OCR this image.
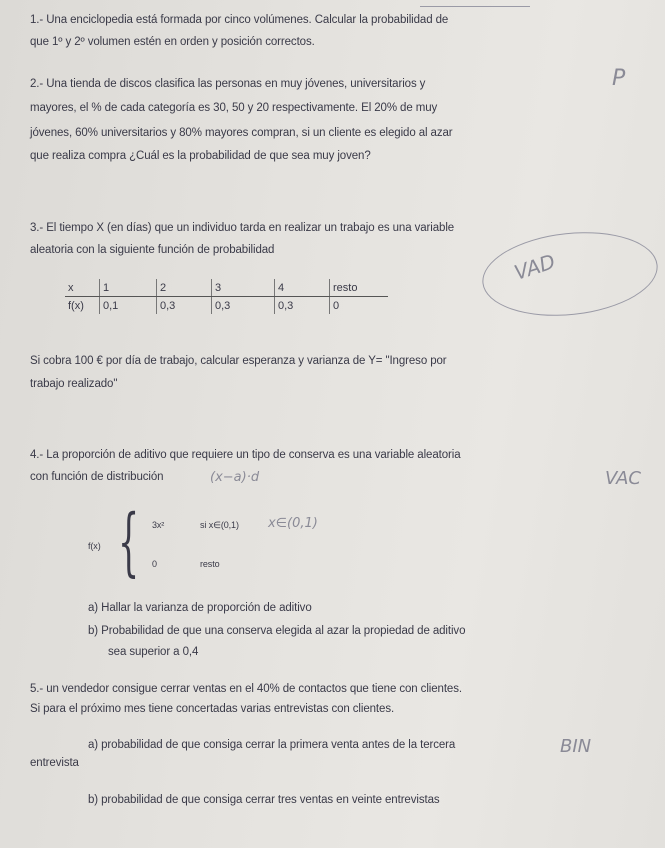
1.- Una enciclopedia está formada por cinco volúmenes. Calcular la probabilidad de
que 1º y 2º volumen estén en orden y posición correctos.
2.- Una tienda de discos clasifica las personas en muy jóvenes, universitarios y
mayores, el % de cada categoría es 30, 50 y 20 respectivamente. El 20% de muy
jóvenes, 60% universitarios y 80% mayores compran, si un cliente es elegido al azar
que realiza compra ¿Cuál es la probabilidad de que sea muy joven?
P
3.- El tiempo X (en días) que un individuo tarda en realizar un trabajo es una variable
aleatoria con la siguiente función de probabilidad
x	1	2	3	4	resto
f(x)	0,1	0,3	0,3	0,3	0
VAD
Si cobra 100 € por día de trabajo, calcular esperanza y varianza de Y= "Ingreso por
trabajo realizado"
4.- La proporción de aditivo que requiere un tipo de conserva es una variable aleatoria
con función de distribución	(x−a)·d	VAC
f(x) { 3x²	si x∈(0,1) x∈(0,1)
0	resto
a) Hallar la varianza de proporción de aditivo
b) Probabilidad de que una conserva elegida al azar la propiedad de aditivo
sea superior a 0,4
5.- un vendedor consigue cerrar ventas en el 40% de contactos que tiene con clientes.
Si para el próximo mes tiene concertadas varias entrevistas con clientes.
a) probabilidad de que consiga cerrar la primera venta antes de la tercera
entrevista
BIN
b) probabilidad de que consiga cerrar tres ventas en veinte entrevistas
